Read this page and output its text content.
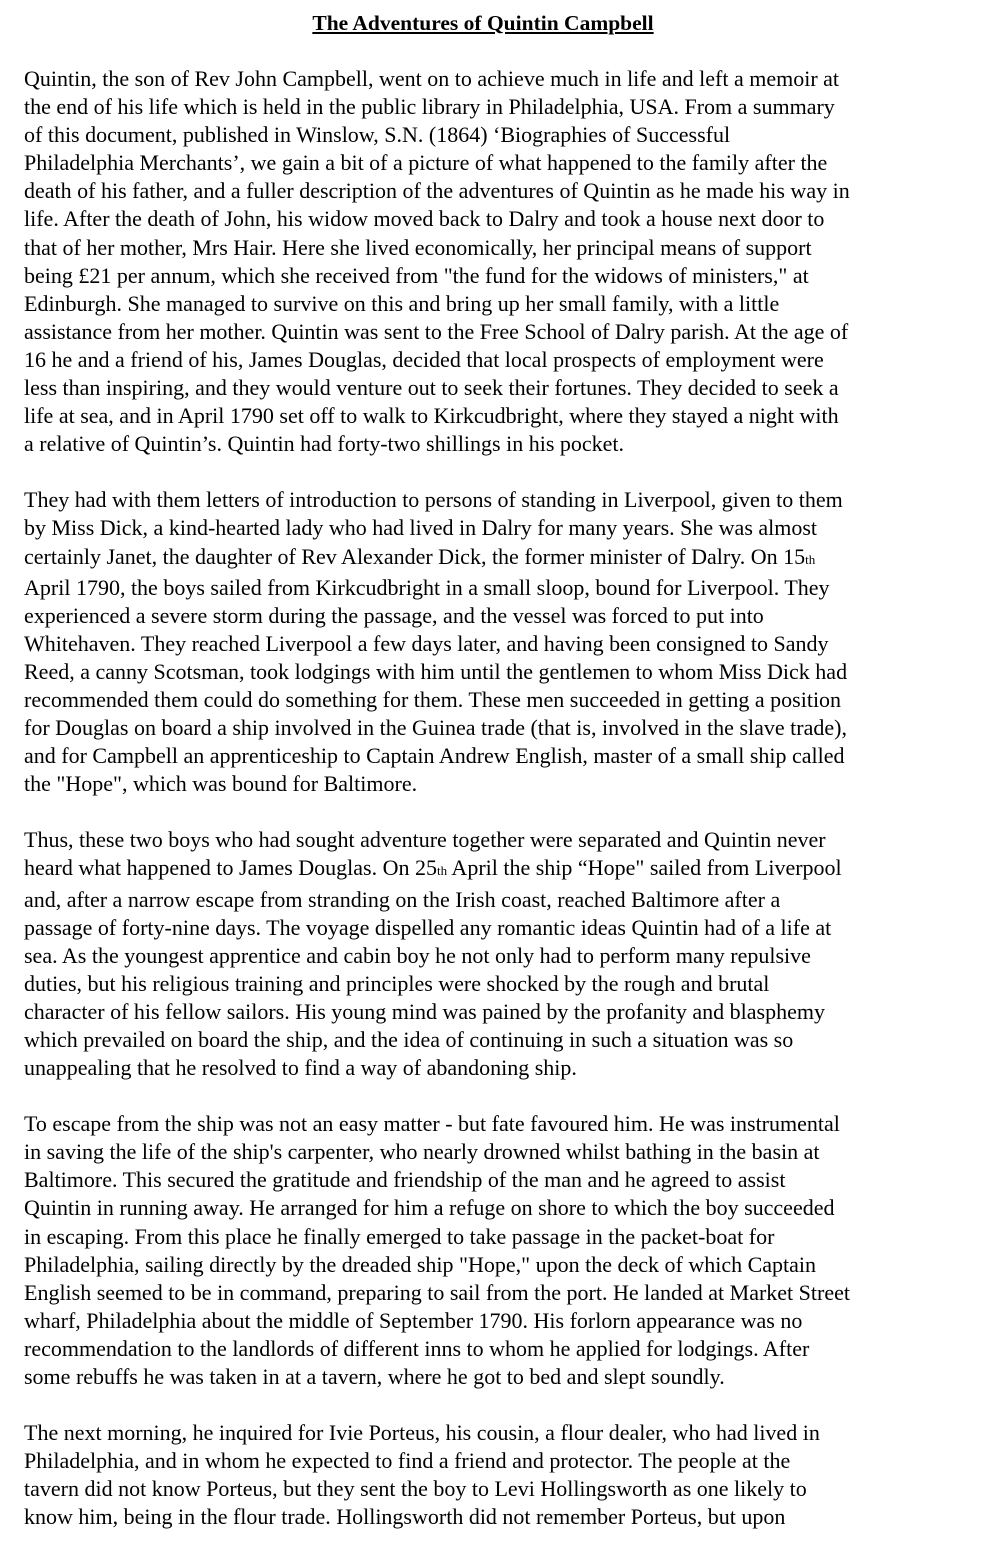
The Adventures of Quintin Campbell

Quintin, the son of Rev John Campbell, went on to achieve much in life and left a memoir at
the end of his life which is held in the public library in Philadelphia, USA. From a summary
of this document, published in Winslow, S.N. (1864) ‘Biographies of Successful
Philadelphia Merchants’, we gain a bit of a picture of what happened to the family after the
death of his father, and a fuller description of the adventures of Quintin as he made his way in
life. After the death of John, his widow moved back to Dalry and took a house next door to
that of her mother, Mrs Hair. Here she lived economically, her principal means of support
being £21 per annum, which she received from "the fund for the widows of ministers," at
Edinburgh. She managed to survive on this and bring up her small family, with a little
assistance from her mother. Quintin was sent to the Free School of Dalry parish. At the age of
16 he and a friend of his, James Douglas, decided that local prospects of employment were
less than inspiring, and they would venture out to seek their fortunes. They decided to seek a
life at sea, and in April 1790 set off to walk to Kirkcudbright, where they stayed a night with
a relative of Quintin’s. Quintin had forty-two shillings in his pocket.

They had with them letters of introduction to persons of standing in Liverpool, given to them
by Miss Dick, a kind-hearted lady who had lived in Dalry for many years. She was almost
certainly Janet, the daughter of Rev Alexander Dick, the former minister of Dalry. On 15th
April 1790, the boys sailed from Kirkcudbright in a small sloop, bound for Liverpool. They
experienced a severe storm during the passage, and the vessel was forced to put into
Whitehaven. They reached Liverpool a few days later, and having been consigned to Sandy
Reed, a canny Scotsman, took lodgings with him until the gentlemen to whom Miss Dick had
recommended them could do something for them. These men succeeded in getting a position
for Douglas on board a ship involved in the Guinea trade (that is, involved in the slave trade),
and for Campbell an apprenticeship to Captain Andrew English, master of a small ship called
the "Hope", which was bound for Baltimore.

Thus, these two boys who had sought adventure together were separated and Quintin never
heard what happened to James Douglas. On 25th April the ship “Hope" sailed from Liverpool
and, after a narrow escape from stranding on the Irish coast, reached Baltimore after a
passage of forty-nine days. The voyage dispelled any romantic ideas Quintin had of a life at
sea. As the youngest apprentice and cabin boy he not only had to perform many repulsive
duties, but his religious training and principles were shocked by the rough and brutal
character of his fellow sailors. His young mind was pained by the profanity and blasphemy
which prevailed on board the ship, and the idea of continuing in such a situation was so
unappealing that he resolved to find a way of abandoning ship.

To escape from the ship was not an easy matter - but fate favoured him. He was instrumental
in saving the life of the ship's carpenter, who nearly drowned whilst bathing in the basin at
Baltimore. This secured the gratitude and friendship of the man and he agreed to assist
Quintin in running away. He arranged for him a refuge on shore to which the boy succeeded
in escaping. From this place he finally emerged to take passage in the packet-boat for
Philadelphia, sailing directly by the dreaded ship "Hope," upon the deck of which Captain
English seemed to be in command, preparing to sail from the port. He landed at Market Street
wharf, Philadelphia about the middle of September 1790. His forlorn appearance was no
recommendation to the landlords of different inns to whom he applied for lodgings. After
some rebuffs he was taken in at a tavern, where he got to bed and slept soundly.

The next morning, he inquired for Ivie Porteus, his cousin, a flour dealer, who had lived in
Philadelphia, and in whom he expected to find a friend and protector. The people at the
tavern did not know Porteus, but they sent the boy to Levi Hollingsworth as one likely to
know him, being in the flour trade. Hollingsworth did not remember Porteus, but upon
